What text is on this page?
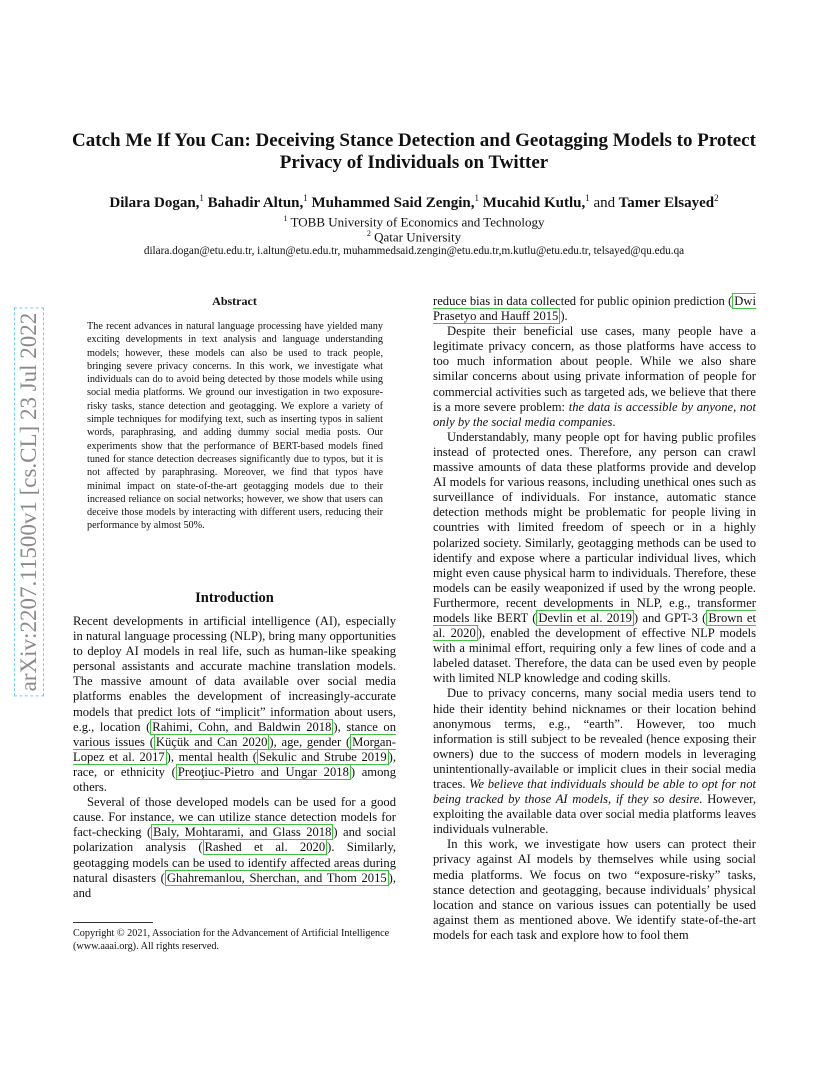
Catch Me If You Can: Deceiving Stance Detection and Geotagging Models to Protect Privacy of Individuals on Twitter
Dilara Dogan,$^1$ Bahadir Altun,$^1$ Muhammed Said Zengin,$^1$ Mucahid Kutlu,$^1$ and Tamer Elsayed$^2$
$^1$ TOBB University of Economics and Technology
$^2$ Qatar University
dilara.dogan@etu.edu.tr, i.altun@etu.edu.tr, muhammedsaid.zengin@etu.edu.tr,m.kutlu@etu.edu.tr, telsayed@qu.edu.qa
arXiv:2207.11500v1 [cs.CL] 23 Jul 2022
Abstract
The recent advances in natural language processing have yielded many exciting developments in text analysis and language understanding models; however, these models can also be used to track people, bringing severe privacy concerns. In this work, we investigate what individuals can do to avoid being detected by those models while using social media platforms. We ground our investigation in two exposure-risky tasks, stance detection and geotagging. We explore a variety of simple techniques for modifying text, such as inserting typos in salient words, paraphrasing, and adding dummy social media posts. Our experiments show that the performance of BERT-based models fined tuned for stance detection decreases significantly due to typos, but it is not affected by paraphrasing. Moreover, we find that typos have minimal impact on state-of-the-art geotagging models due to their increased reliance on social networks; however, we show that users can deceive those models by interacting with different users, reducing their performance by almost 50%.
Introduction

Recent developments in artificial intelligence (AI), especially in natural language processing (NLP), bring many opportunities to deploy AI models in real life, such as human-like speaking personal assistants and accurate machine translation models. The massive amount of data available over social media platforms enables the development of increasingly-accurate models that predict lots of “implicit” information about users, e.g., location ( Rahimi, Cohn, and Baldwin 2018 ), stance on various issues ( Küçük and Can 2020 ), age, gender ( Morgan-Lopez et al. 2017 ), mental health ( Sekulic and Strube 2019 ), race, or ethnicity ( Preoţiuc-Pietro and Ungar 2018 ) among others.

Several of those developed models can be used for a good cause. For instance, we can utilize stance detection models for fact-checking ( Baly, Mohtarami, and Glass 2018 ) and social polarization analysis ( Rashed et al. 2020 ). Similarly, geotagging models can be used to identify affected areas during natural disasters ( Ghahremanlou, Sherchan, and Thom 2015 ), and

Copyright © 2021, Association for the Advancement of Artificial Intelligence (www.aaai.org). All rights reserved.

reduce bias in data collected for public opinion prediction ( Dwi Prasetyo and Hauff 2015 ).

Despite their beneficial use cases, many people have a legitimate privacy concern, as those platforms have access to too much information about people. While we also share similar concerns about using private information of people for commercial activities such as targeted ads, we believe that there is a more severe problem: the data is accessible by anyone, not only by the social media companies.

Understandably, many people opt for having public profiles instead of protected ones. Therefore, any person can crawl massive amounts of data these platforms provide and develop AI models for various reasons, including unethical ones such as surveillance of individuals. For instance, automatic stance detection methods might be problematic for people living in countries with limited freedom of speech or in a highly polarized society. Similarly, geotagging methods can be used to identify and expose where a particular individual lives, which might even cause physical harm to individuals. Therefore, these models can be easily weaponized if used by the wrong people. Furthermore, recent developments in NLP, e.g., transformer models like BERT ( Devlin et al. 2019 ) and GPT-3 ( Brown et al. 2020 ), enabled the development of effective NLP models with a minimal effort, requiring only a few lines of code and a labeled dataset. Therefore, the data can be used even by people with limited NLP knowledge and coding skills.

Due to privacy concerns, many social media users tend to hide their identity behind nicknames or their location behind anonymous terms, e.g., “earth”. However, too much information is still subject to be revealed (hence exposing their owners) due to the success of modern models in leveraging unintentionally-available or implicit clues in their social media traces. We believe that individuals should be able to opt for not being tracked by those AI models, if they so desire. However, exploiting the available data over social media platforms leaves individuals vulnerable.

In this work, we investigate how users can protect their privacy against AI models by themselves while using social media platforms. We focus on two “exposure-risky” tasks, stance detection and geotagging, because individuals’ physical location and stance on various issues can potentially be used against them as mentioned above. We identify state-of-the-art models for each task and explore how to fool them
